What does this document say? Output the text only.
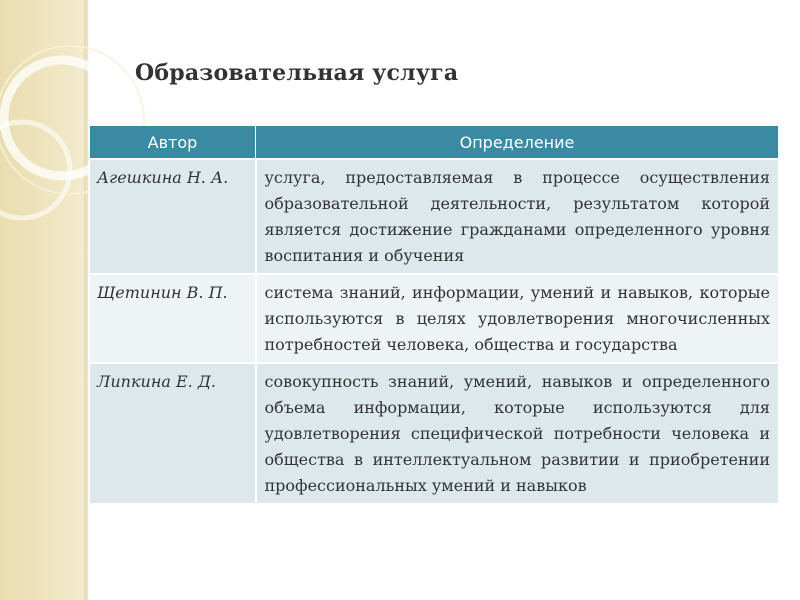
Образовательная услуга
Автор	Определение
Агешкина Н. А.	услуга, предоставляемая в процессе осуществления образовательной деятельности, результатом которой является достижение гражданами определенного уровня воспитания и обучения
Щетинин В. П.	система знаний, информации, умений и навыков, которые используются в целях удовлетворения многочисленных потребностей человека, общества и государства
Липкина Е. Д.	совокупность знаний, умений, навыков и определенного объема информации, которые используются для удовлетворения специфической потребности человека и общества в интеллектуальном развитии и приобретении профессиональных умений и навыков
